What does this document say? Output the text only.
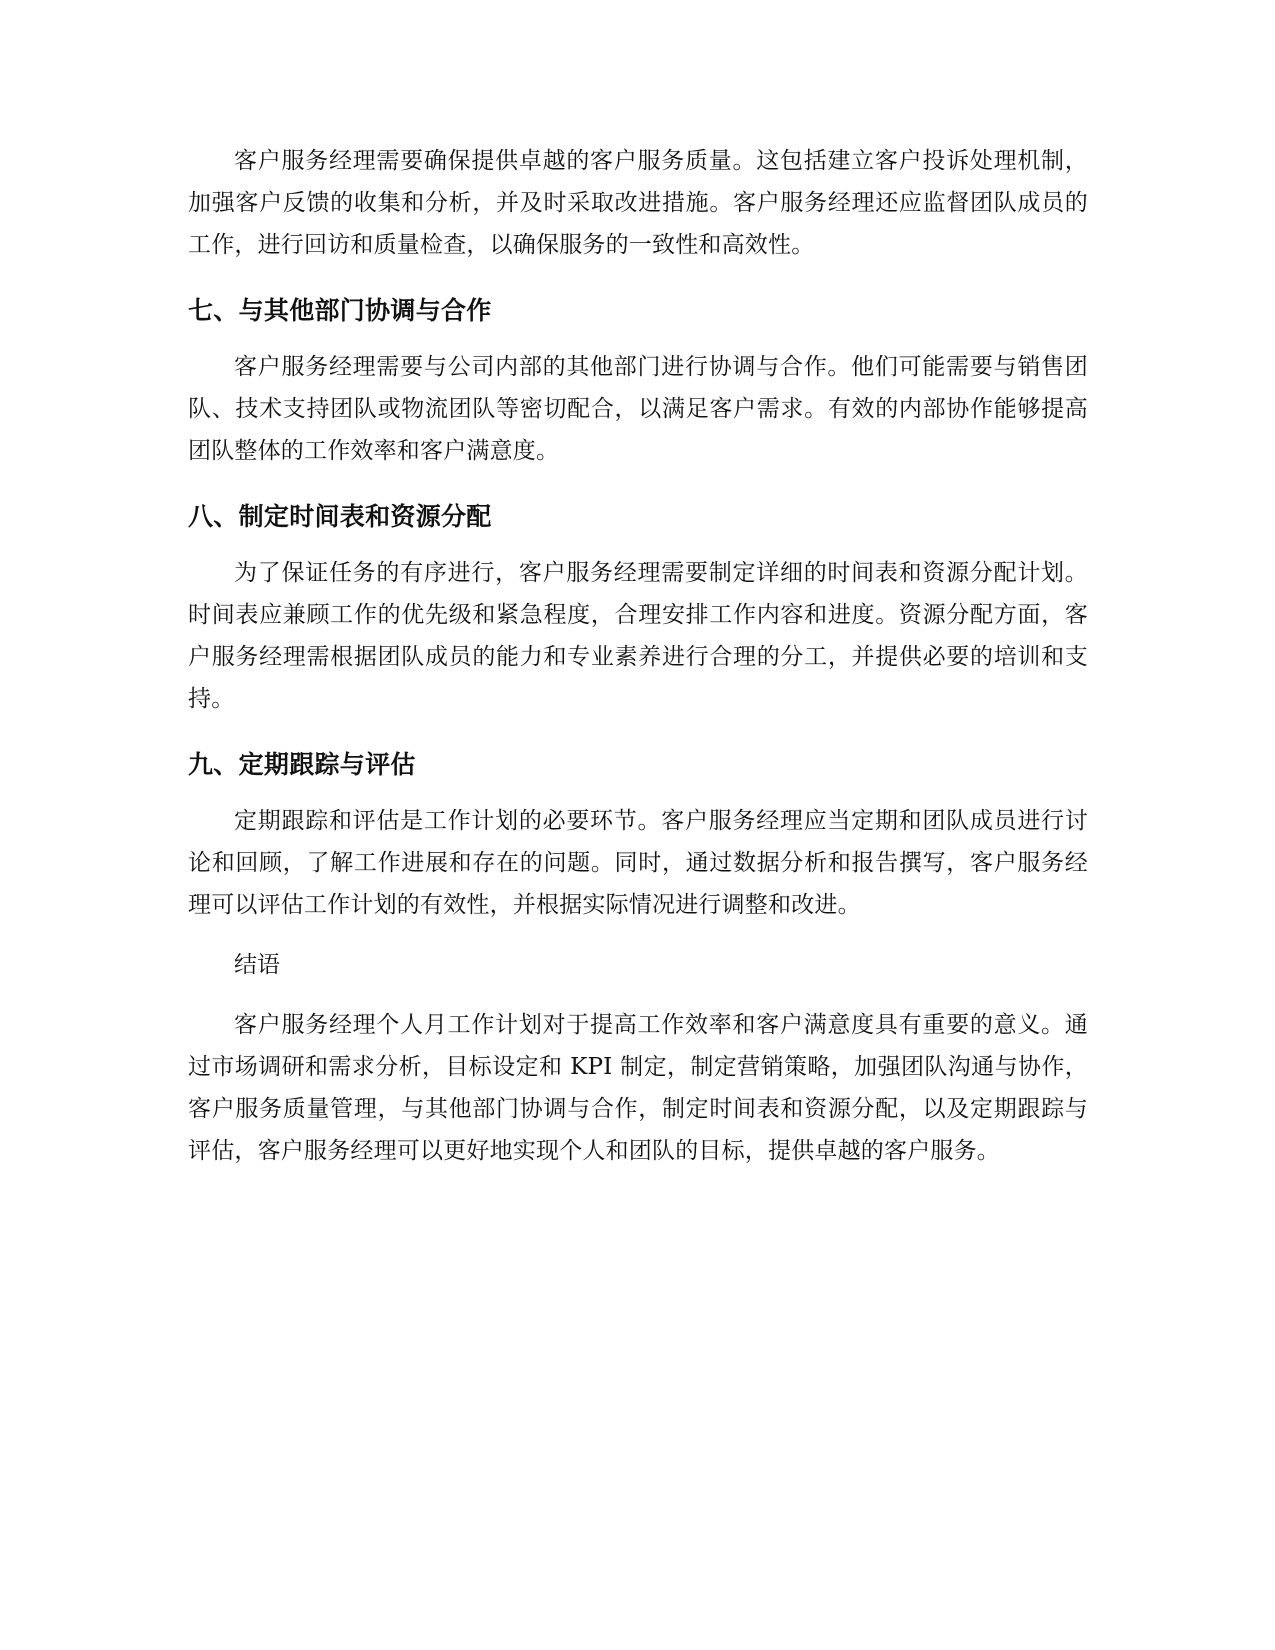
客户服务经理需要确保提供卓越的客户服务质量。这包括建立客户投诉处理机制，加强客户反馈的收集和分析，并及时采取改进措施。客户服务经理还应监督团队成员的工作，进行回访和质量检查，以确保服务的一致性和高效性。

七、与其他部门协调与合作

客户服务经理需要与公司内部的其他部门进行协调与合作。他们可能需要与销售团队、技术支持团队或物流团队等密切配合，以满足客户需求。有效的内部协作能够提高团队整体的工作效率和客户满意度。

八、制定时间表和资源分配

为了保证任务的有序进行，客户服务经理需要制定详细的时间表和资源分配计划。时间表应兼顾工作的优先级和紧急程度，合理安排工作内容和进度。资源分配方面，客户服务经理需根据团队成员的能力和专业素养进行合理的分工，并提供必要的培训和支持。

九、定期跟踪与评估

定期跟踪和评估是工作计划的必要环节。客户服务经理应当定期和团队成员进行讨论和回顾，了解工作进展和存在的问题。同时，通过数据分析和报告撰写，客户服务经理可以评估工作计划的有效性，并根据实际情况进行调整和改进。

结语

客户服务经理个人月工作计划对于提高工作效率和客户满意度具有重要的意义。通过市场调研和需求分析，目标设定和 KPI 制定，制定营销策略，加强团队沟通与协作，客户服务质量管理，与其他部门协调与合作，制定时间表和资源分配，以及定期跟踪与评估，客户服务经理可以更好地实现个人和团队的目标，提供卓越的客户服务。
